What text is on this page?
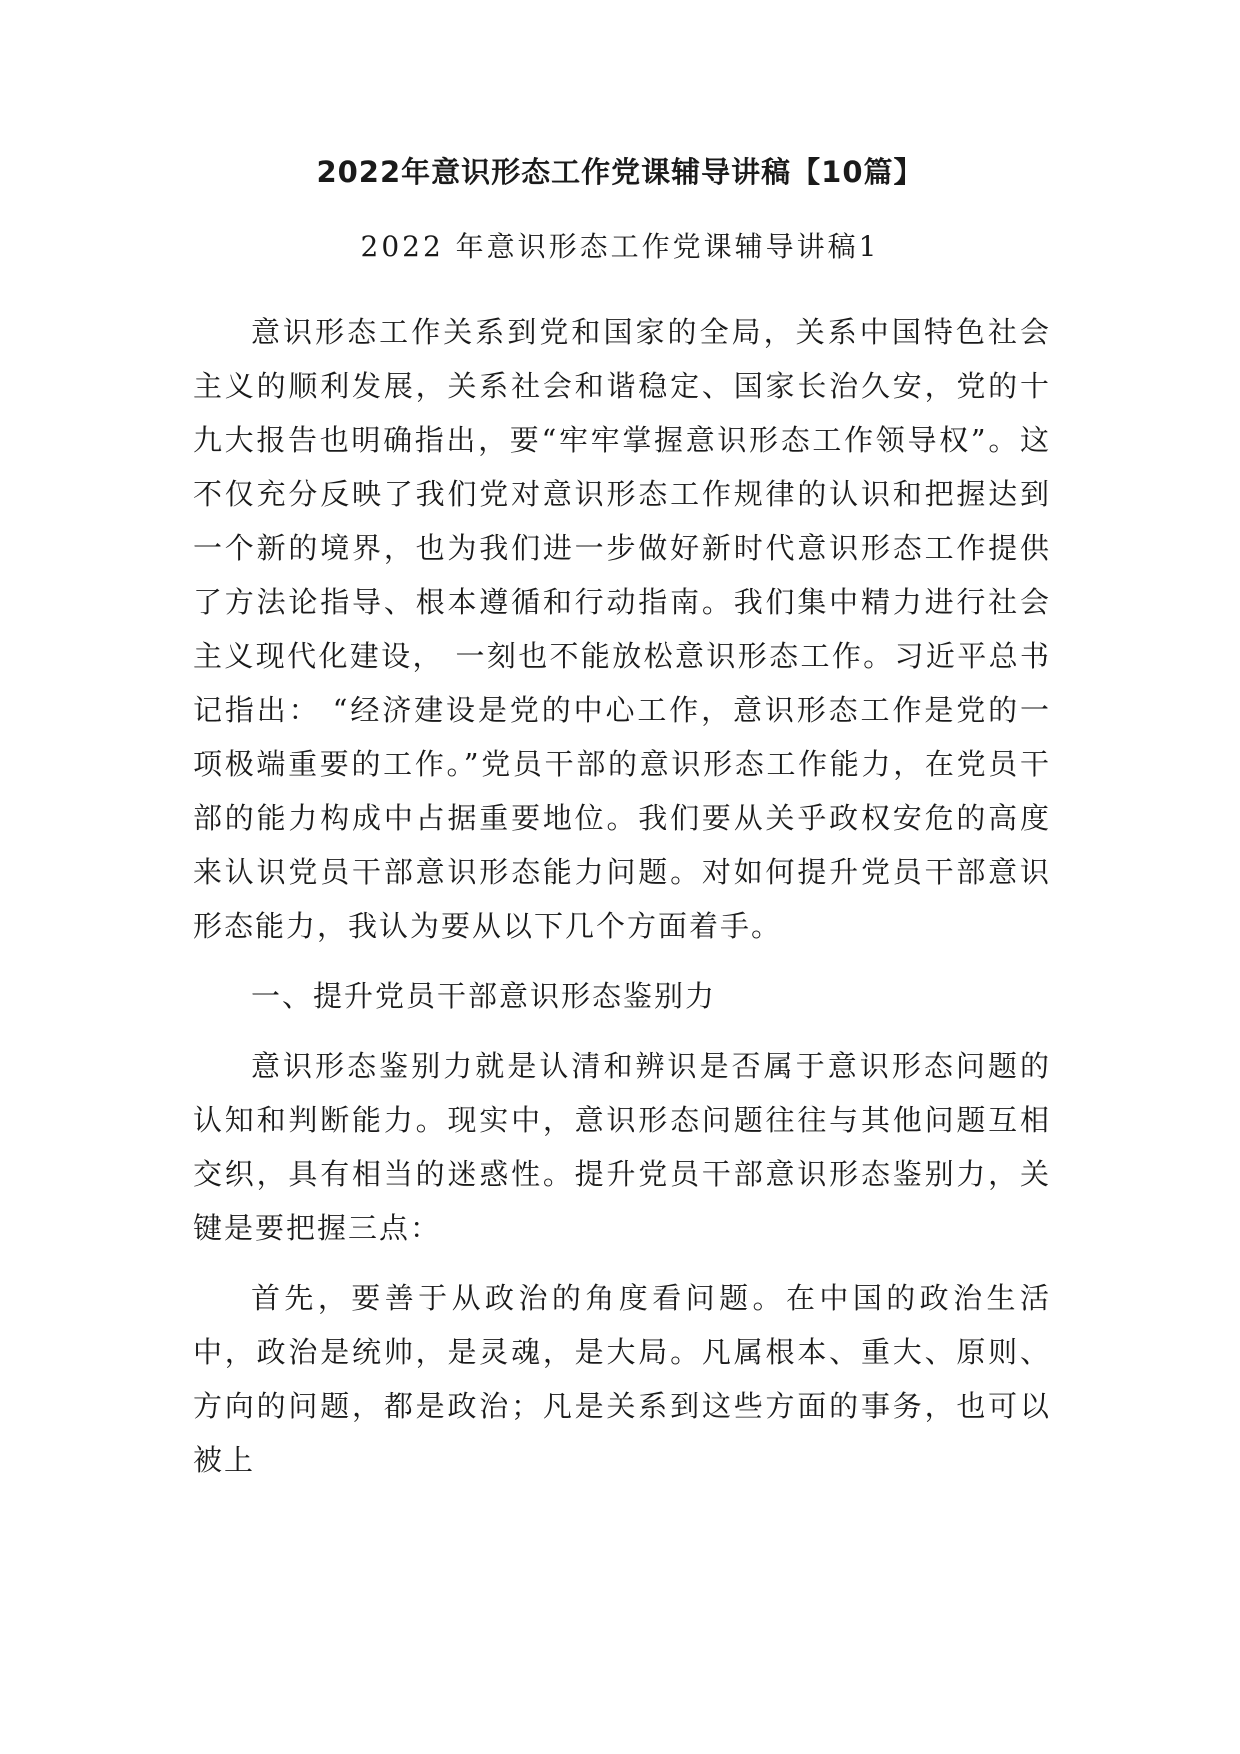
2022年意识形态工作党课辅导讲稿【10篇】
2022 年意识形态工作党课辅导讲稿1

意识形态工作关系到党和国家的全局，关系中国特色社会主义的顺利发展，关系社会和谐稳定、国家长治久安，党的十九大报告也明确指出，要“牢牢掌握意识形态工作领导权”。这不仅充分反映了我们党对意识形态工作规律的认识和把握达到一个新的境界，也为我们进一步做好新时代意识形态工作提供了方法论指导、根本遵循和行动指南。我们集中精力进行社会主义现代化建设， 一刻也不能放松意识形态工作。习近平总书记指出： “经济建设是党的中心工作，意识形态工作是党的一项极端重要的工作。”党员干部的意识形态工作能力，在党员干部的能力构成中占据重要地位。我们要从关乎政权安危的高度来认识党员干部意识形态能力问题。对如何提升党员干部意识形态能力，我认为要从以下几个方面着手。

一、提升党员干部意识形态鉴别力

意识形态鉴别力就是认清和辨识是否属于意识形态问题的认知和判断能力。现实中，意识形态问题往往与其他问题互相交织，具有相当的迷惑性。提升党员干部意识形态鉴别力，关键是要把握三点：

首先，要善于从政治的角度看问题。在中国的政治生活中，政治是统帅，是灵魂，是大局。凡属根本、重大、原则、方向的问题，都是政治；凡是关系到这些方面的事务，也可以被上
